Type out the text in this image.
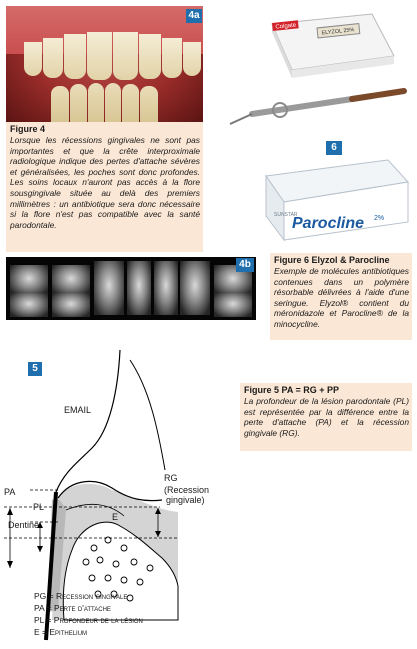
4a
Figure 4
Lorsque les récessions gingivales ne sont pas importantes et que la crête interproximale radiologique indique des pertes d'attache sévères et généralisées, les poches sont donc profondes. Les soins locaux n'auront pas accès à la flore sousgingivale située au delà des premiers millimètres : un antibiotique sera donc nécessaire si la flore n'est pas compatible avec la santé parodontale.
Colgate
ELYZOL 25%
6
SUNSTAR
Parocline 2%
4b	Figure 6 Elyzol & Parocline
Exemple de molécules antibiotiques contenues dans un polymère résorbable délivrées à l'aide d'une seringue. Elyzol® contient du méronidazole et Parocline® de la minocycline.
Figure 5 PA = RG + PP
La profondeur de la lésion parodontale (PL) est représentée par la différence entre la perte d'attache (PA) et la récession gingivale (RG).
5
EMAIL
PA
PL
Dentine
E
RG
(Recession
gingivale)
PG = Recession gingivale
PA = Perte d'attache
PL = Profondeur de la lésion
E = Epithelium
